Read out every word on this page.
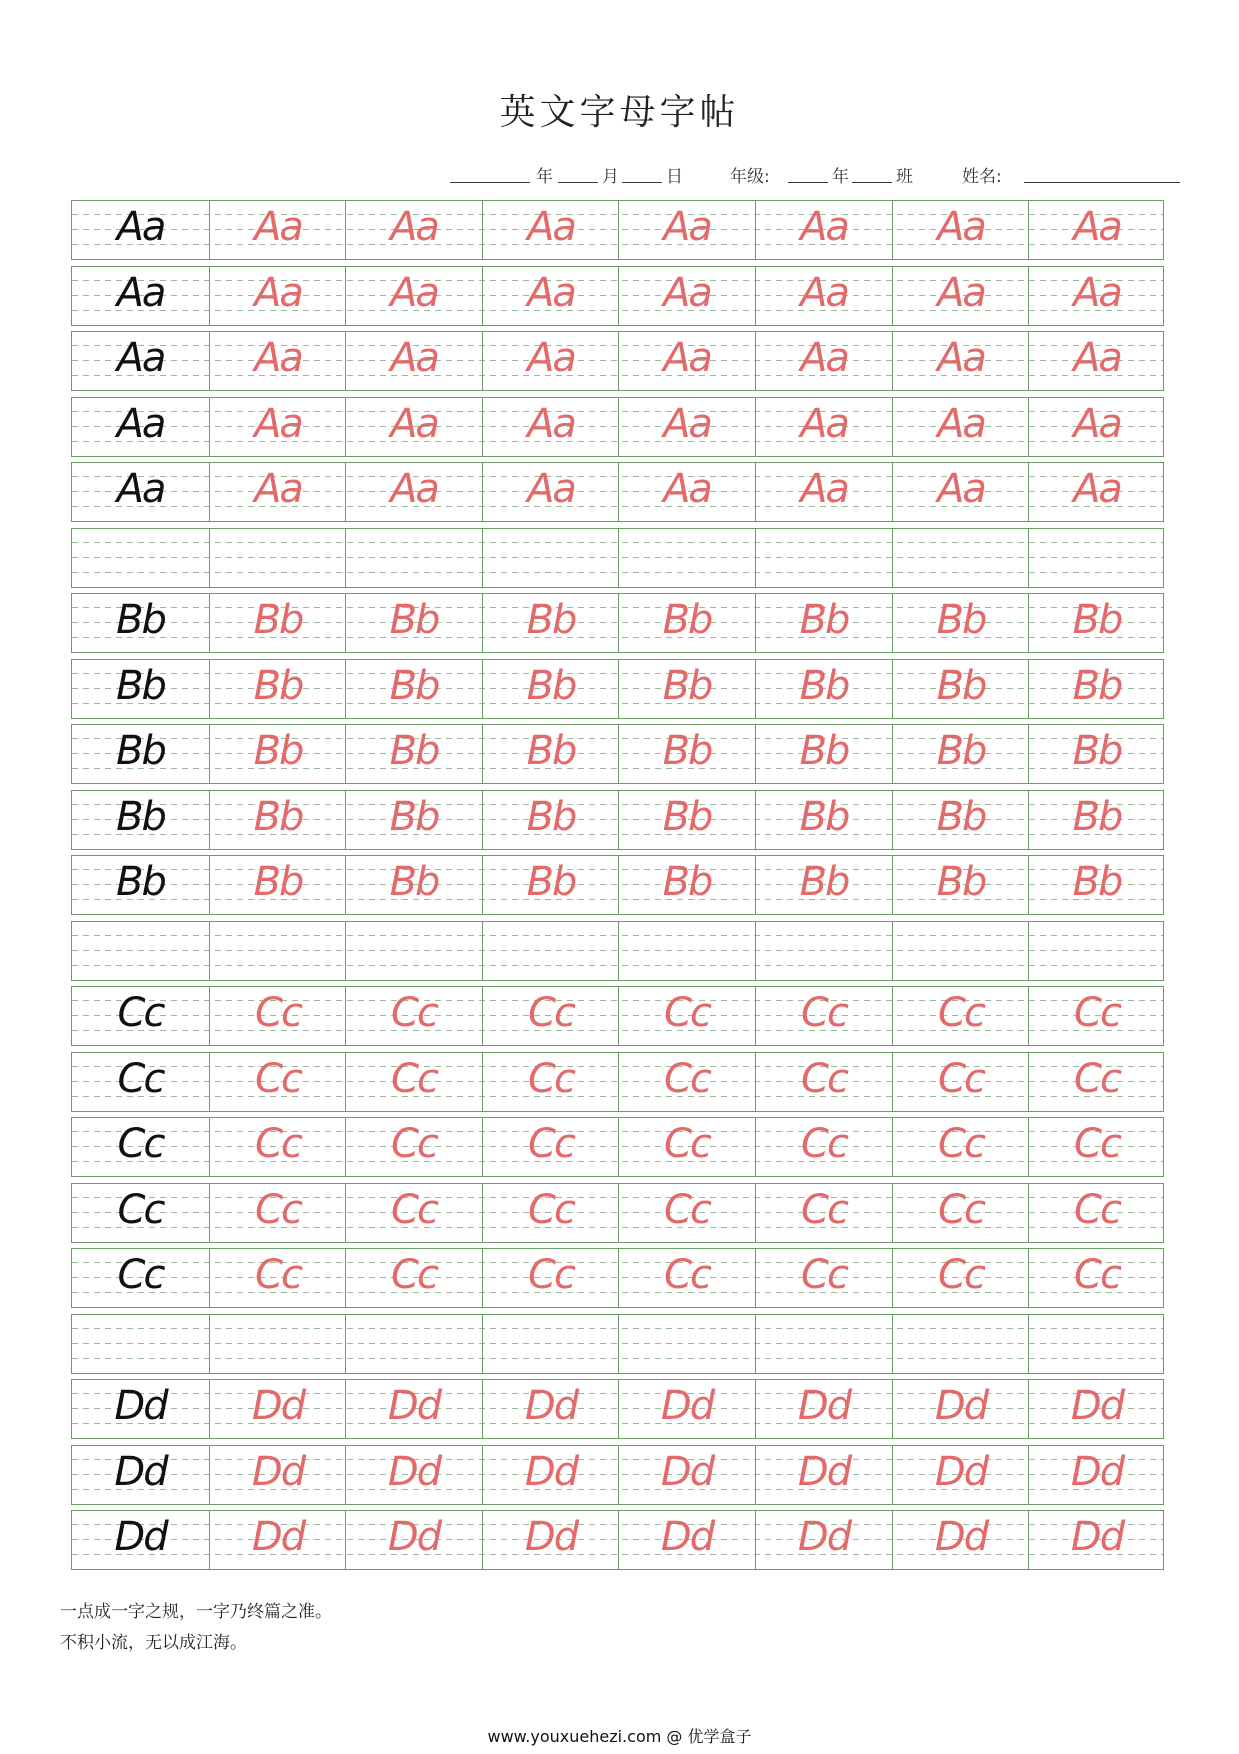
英文字母字帖
年	月	日	年级:	年	班	姓名:
Aa	Aa	Aa	Aa	Aa	Aa	Aa	Aa
Aa	Aa	Aa	Aa	Aa	Aa	Aa	Aa
Aa	Aa	Aa	Aa	Aa	Aa	Aa	Aa
Aa	Aa	Aa	Aa	Aa	Aa	Aa	Aa
Aa	Aa	Aa	Aa	Aa	Aa	Aa	Aa
Bb	Bb	Bb	Bb	Bb	Bb	Bb	Bb
Bb	Bb	Bb	Bb	Bb	Bb	Bb	Bb
Bb	Bb	Bb	Bb	Bb	Bb	Bb	Bb
Bb	Bb	Bb	Bb	Bb	Bb	Bb	Bb
Bb	Bb	Bb	Bb	Bb	Bb	Bb	Bb
Cc	Cc	Cc	Cc	Cc	Cc	Cc	Cc
Cc	Cc	Cc	Cc	Cc	Cc	Cc	Cc
Cc	Cc	Cc	Cc	Cc	Cc	Cc	Cc
Cc	Cc	Cc	Cc	Cc	Cc	Cc	Cc
Cc	Cc	Cc	Cc	Cc	Cc	Cc	Cc
Dd	Dd	Dd	Dd	Dd	Dd	Dd	Dd
Dd	Dd	Dd	Dd	Dd	Dd	Dd	Dd
Dd	Dd	Dd	Dd	Dd	Dd	Dd	Dd
一点成一字之规，一字乃终篇之准。
不积小流，无以成江海。
www.youxuehezi.com @ 优学盒子
